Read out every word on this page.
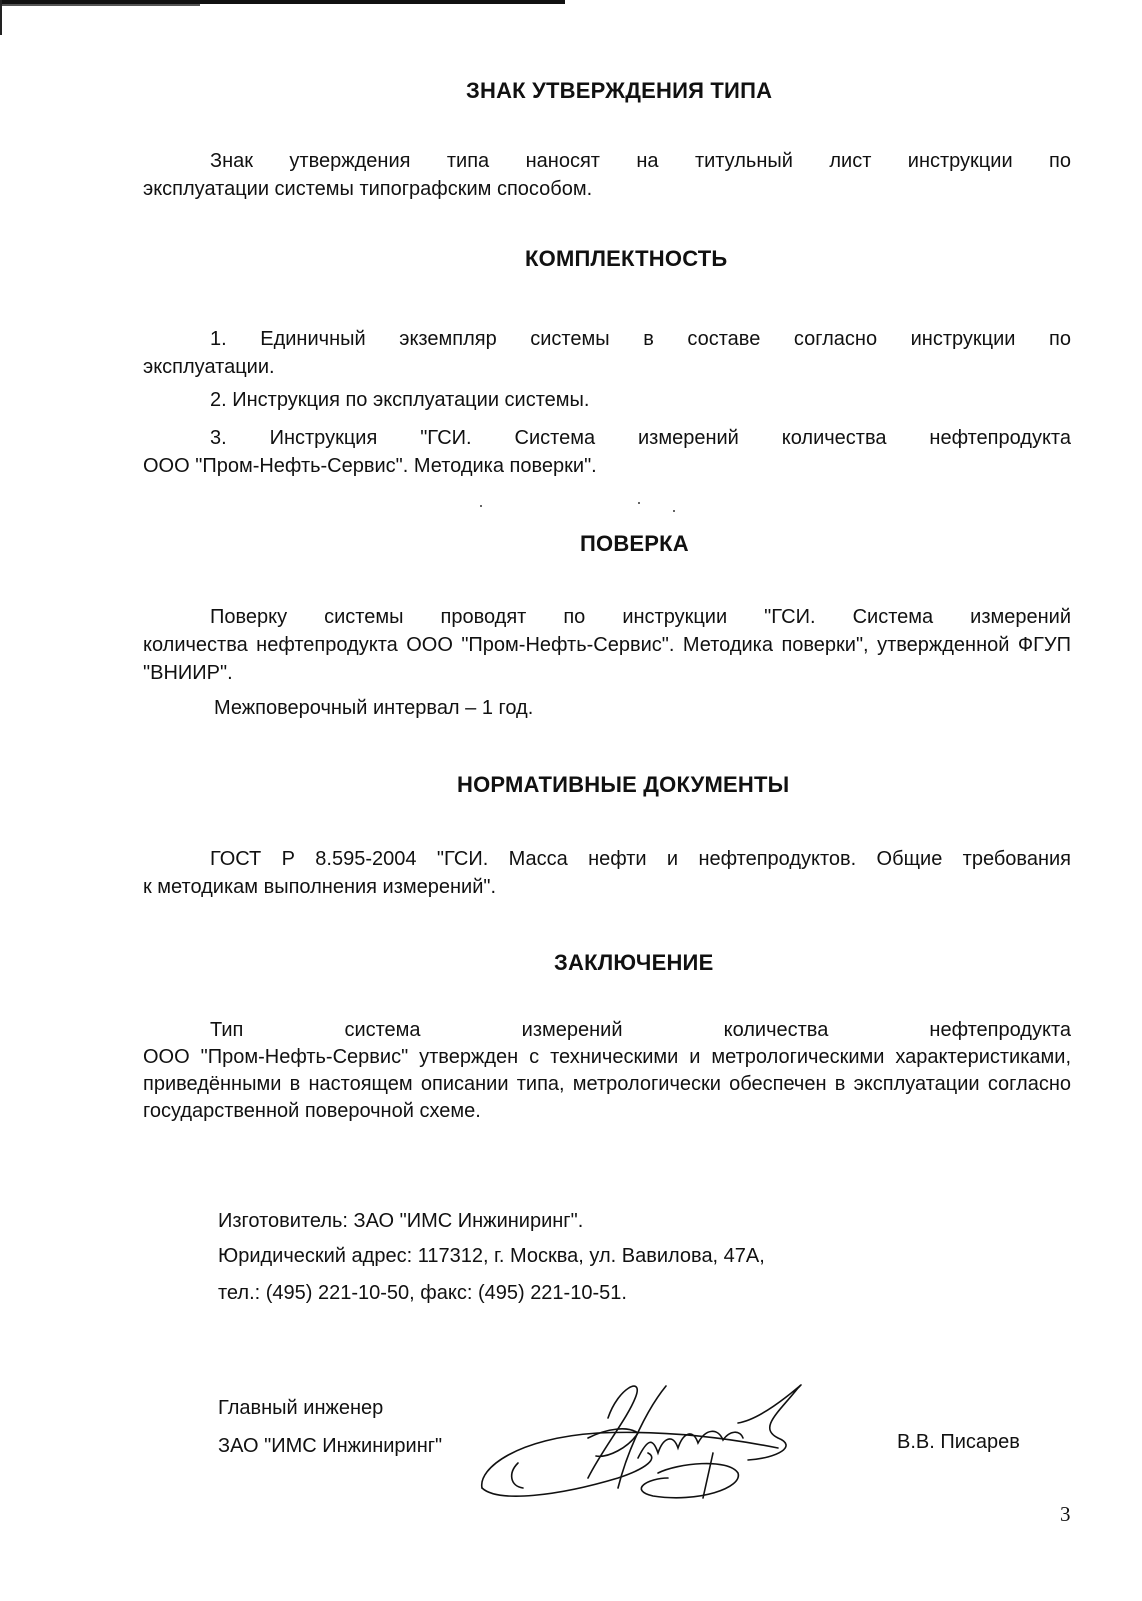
ЗНАК УТВЕРЖДЕНИЯ ТИПА
Знак утверждения типа наносят на титульный лист инструкции по
эксплуатации системы типографским способом.
КОМПЛЕКТНОСТЬ
1. Единичный экземпляр системы в составе согласно инструкции по
эксплуатации.
2. Инструкция по эксплуатации системы.
3. Инструкция "ГСИ. Система измерений количества нефтепродукта
ООО "Пром-Нефть-Сервис". Методика поверки".
ПОВЕРКА
Поверку системы проводят по инструкции "ГСИ. Система измерений
количества нефтепродукта ООО "Пром-Нефть-Сервис". Методика поверки", утвержденной ФГУП "ВНИИР".
Межповерочный интервал – 1 год.
НОРМАТИВНЫЕ ДОКУМЕНТЫ
ГОСТ Р 8.595-2004 "ГСИ. Масса нефти и нефтепродуктов. Общие требования
к методикам выполнения измерений".
ЗАКЛЮЧЕНИЕ
Тип система измерений количества нефтепродукта
ООО "Пром-Нефть-Сервис" утвержден с техническими и метрологическими характеристиками, приведёнными в настоящем описании типа, метрологически обеспечен в эксплуатации согласно государственной поверочной схеме.
Изготовитель: ЗАО "ИМС Инжиниринг".
Юридический адрес: 117312, г. Москва, ул. Вавилова, 47А,
тел.: (495) 221-10-50, факс: (495) 221-10-51.
Главный инженер
ЗАО "ИМС Инжиниринг"	В.В. Писарев
3
